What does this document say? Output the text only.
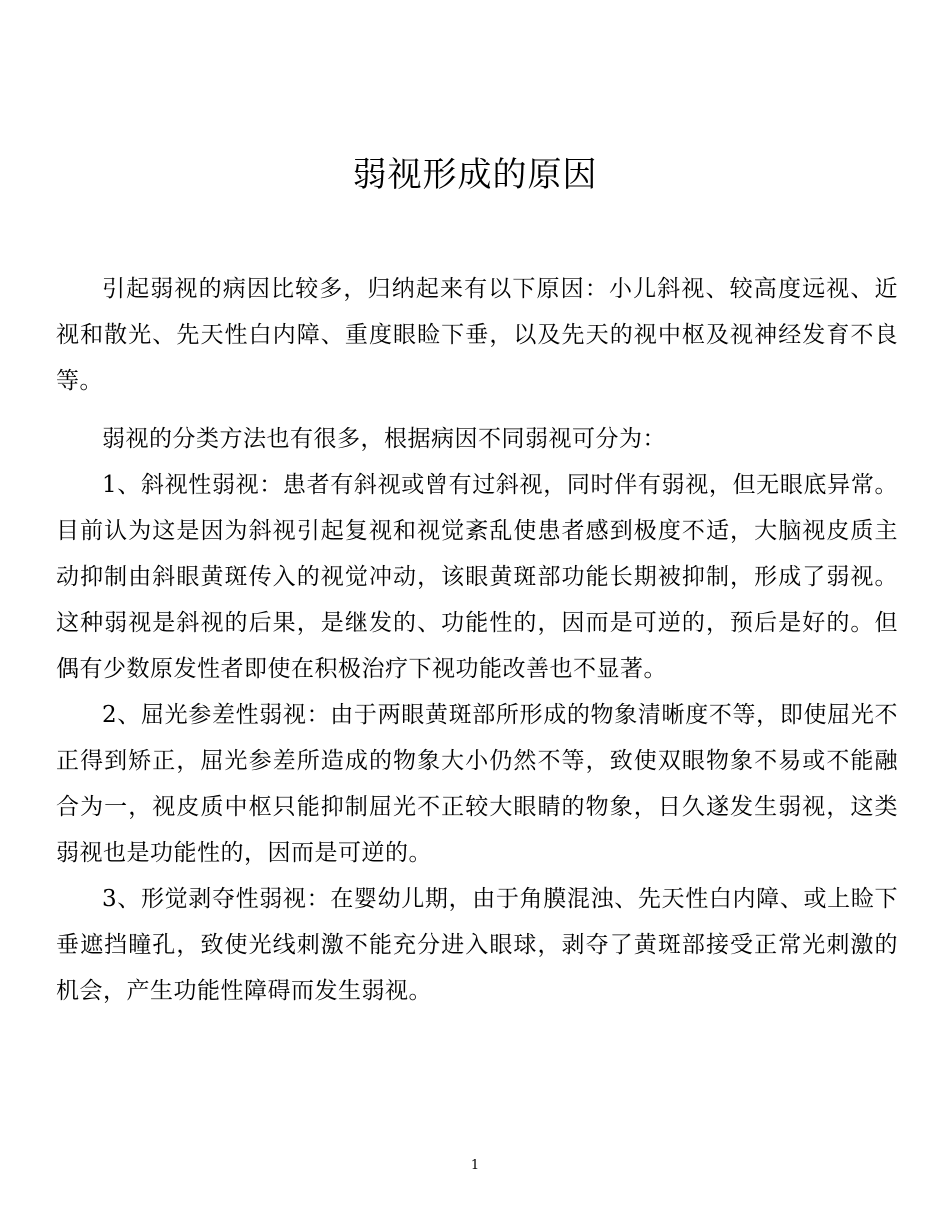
弱视形成的原因

引起弱视的病因比较多，归纳起来有以下原因：小儿斜视、较高度远视、近视和散光、先天性白内障、重度眼睑下垂，以及先天的视中枢及视神经发育不良等。

弱视的分类方法也有很多，根据病因不同弱视可分为：

1、斜视性弱视：患者有斜视或曾有过斜视，同时伴有弱视，但无眼底异常。目前认为这是因为斜视引起复视和视觉紊乱使患者感到极度不适，大脑视皮质主动抑制由斜眼黄斑传入的视觉冲动，该眼黄斑部功能长期被抑制，形成了弱视。这种弱视是斜视的后果，是继发的、功能性的，因而是可逆的，预后是好的。但偶有少数原发性者即使在积极治疗下视功能改善也不显著。

2、屈光参差性弱视：由于两眼黄斑部所形成的物象清晰度不等，即使屈光不正得到矫正，屈光参差所造成的物象大小仍然不等，致使双眼物象不易或不能融合为一，视皮质中枢只能抑制屈光不正较大眼睛的物象，日久遂发生弱视，这类弱视也是功能性的，因而是可逆的。

3、形觉剥夺性弱视：在婴幼儿期，由于角膜混浊、先天性白内障、或上睑下垂遮挡瞳孔，致使光线刺激不能充分进入眼球，剥夺了黄斑部接受正常光刺激的机会，产生功能性障碍而发生弱视。

1
